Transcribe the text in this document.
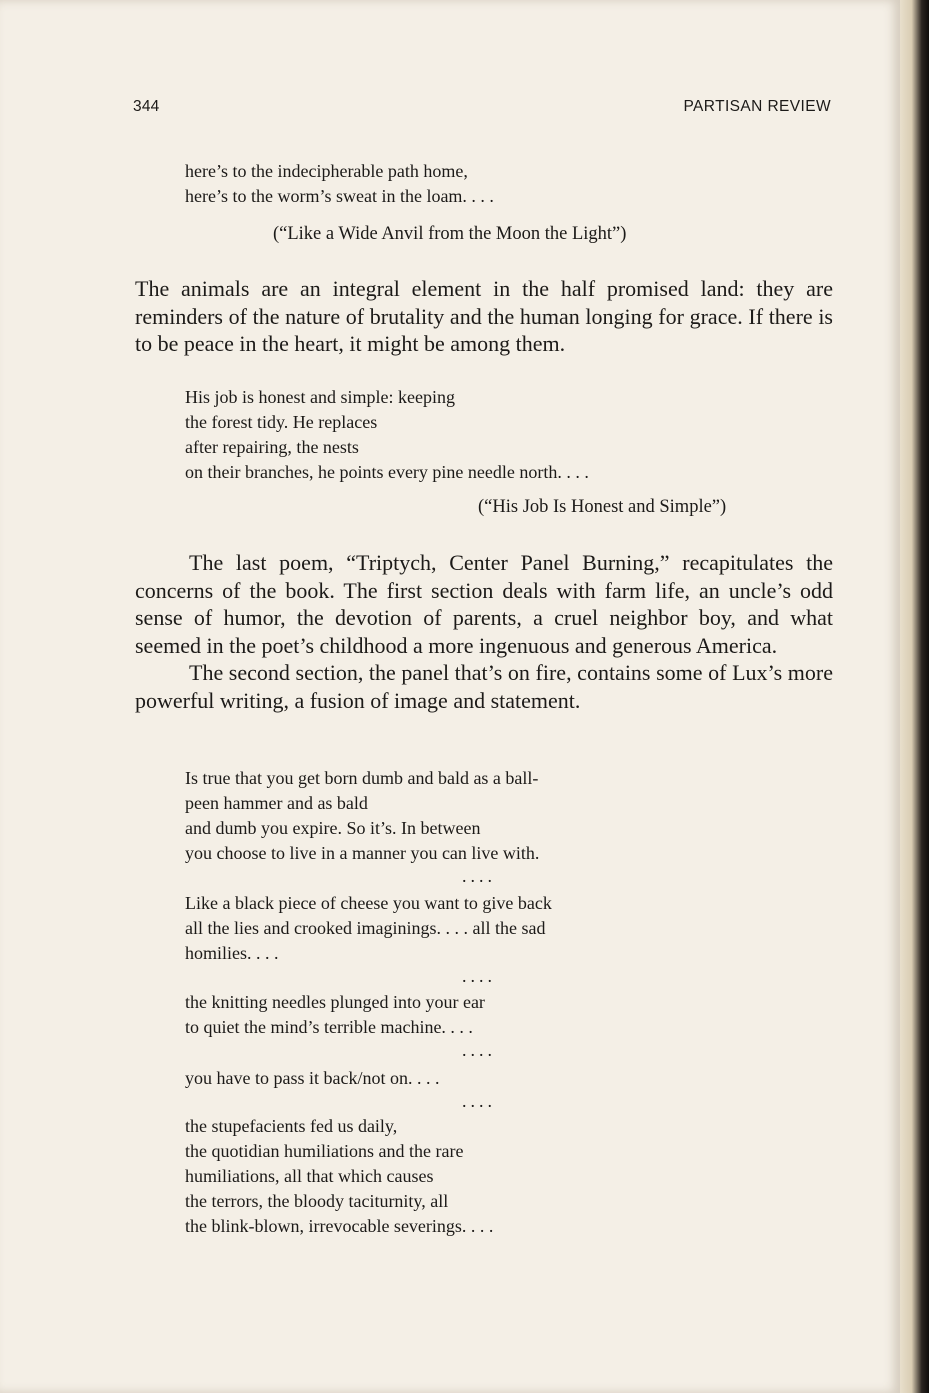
344	PARTISAN REVIEW
here’s to the indecipherable path home,
here’s to the worm’s sweat in the loam. . . .
(“Like a Wide Anvil from the Moon the Light”)

The animals are an integral element in the half promised land: they are reminders of the nature of brutality and the human longing for grace. If there is to be peace in the heart, it might be among them.

His job is honest and simple: keeping
the forest tidy. He replaces
after repairing, the nests
on their branches, he points every pine needle north. . . .
(“His Job Is Honest and Simple”)

The last poem, “Triptych, Center Panel Burning,” recapitulates the concerns of the book. The first section deals with farm life, an uncle’s odd sense of humor, the devotion of parents, a cruel neighbor boy, and what seemed in the poet’s childhood a more ingenuous and generous America.

The second section, the panel that’s on fire, contains some of Lux’s more powerful writing, a fusion of image and statement.

Is true that you get born dumb and bald as a ball-
peen hammer and as bald
and dumb you expire. So it’s. In between
you choose to live in a manner you can live with.
....
Like a black piece of cheese you want to give back
all the lies and crooked imaginings. . . . all the sad
homilies. . . .
....
the knitting needles plunged into your ear
to quiet the mind’s terrible machine. . . .
....
you have to pass it back/not on. . . .
....
the stupefacients fed us daily,
the quotidian humiliations and the rare
humiliations, all that which causes
the terrors, the bloody taciturnity, all
the blink-blown, irrevocable severings. . . .
